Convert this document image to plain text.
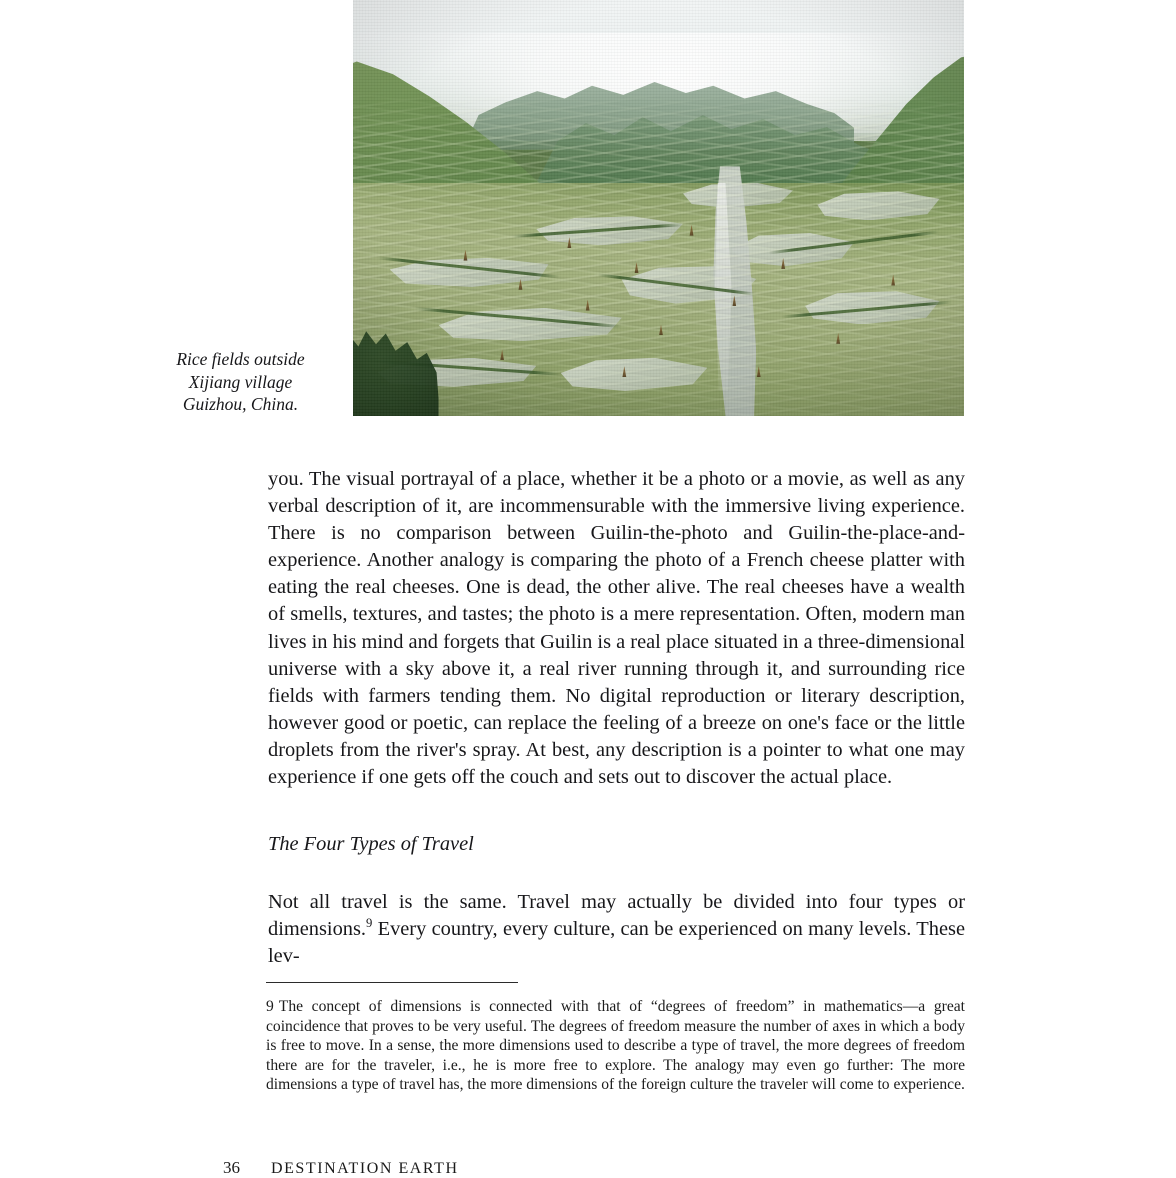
Rice fields outside
Xijiang village
Guizhou, China.

you. The visual portrayal of a place, whether it be a photo or a movie, as well as any verbal description of it, are incommensurable with the immersive living experience. There is no comparison between Guilin-the-photo and Guilin-the-place-and-experience. Another analogy is comparing the photo of a French cheese platter with eating the real cheeses. One is dead, the other alive. The real cheeses have a wealth of smells, textures, and tastes; the photo is a mere representation. Often, modern man lives in his mind and forgets that Guilin is a real place situated in a three-dimensional universe with a sky above it, a real river running through it, and surrounding rice fields with farmers tending them. No digital reproduction or literary description, however good or poetic, can replace the feeling of a breeze on one's face or the little droplets from the river's spray. At best, any description is a pointer to what one may experience if one gets off the couch and sets out to discover the actual place.

The Four Types of Travel

Not all travel is the same. Travel may actually be divided into four types or dimensions.$^9$ Every country, every culture, can be experienced on many levels. These lev-

9 The concept of dimensions is connected with that of “degrees of freedom” in mathematics—a great coincidence that proves to be very useful. The degrees of freedom measure the number of axes in which a body is free to move. In a sense, the more dimensions used to describe a type of travel, the more degrees of freedom there are for the traveler, i.e., he is more free to explore. The analogy may even go further: The more dimensions a type of travel has, the more dimensions of the foreign culture the traveler will come to experience.

36	DESTINATION EARTH
